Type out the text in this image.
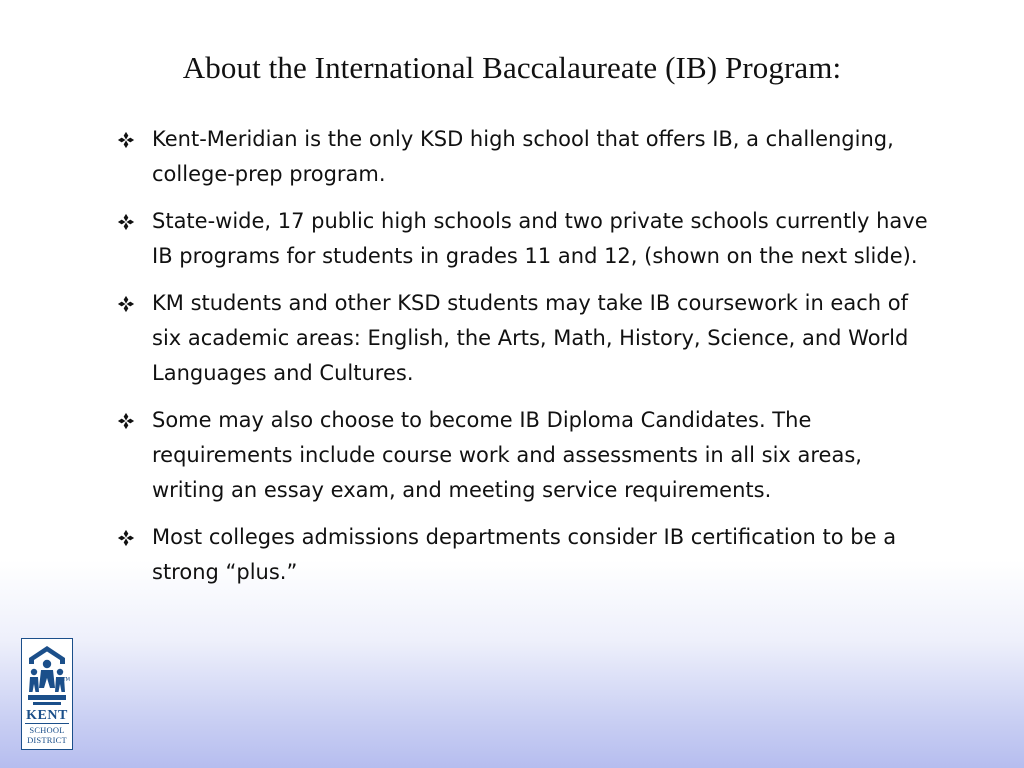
About the International Baccalaureate (IB) Program:
Kent-Meridian is the only KSD high school that offers IB, a challenging, college-prep program.
State-wide, 17 public high schools and two private schools currently have IB programs for students in grades 11 and 12, (shown on the next slide).
KM students and other KSD students may take IB coursework in each of six academic areas: English, the Arts, Math, History, Science, and World Languages and Cultures.
Some may also choose to become IB Diploma Candidates. The requirements include course work and assessments in all six areas, writing an essay exam, and meeting service requirements.
Most colleges admissions departments consider IB certification to be a strong “plus.”
TM
KENT
SCHOOL
DISTRICT
